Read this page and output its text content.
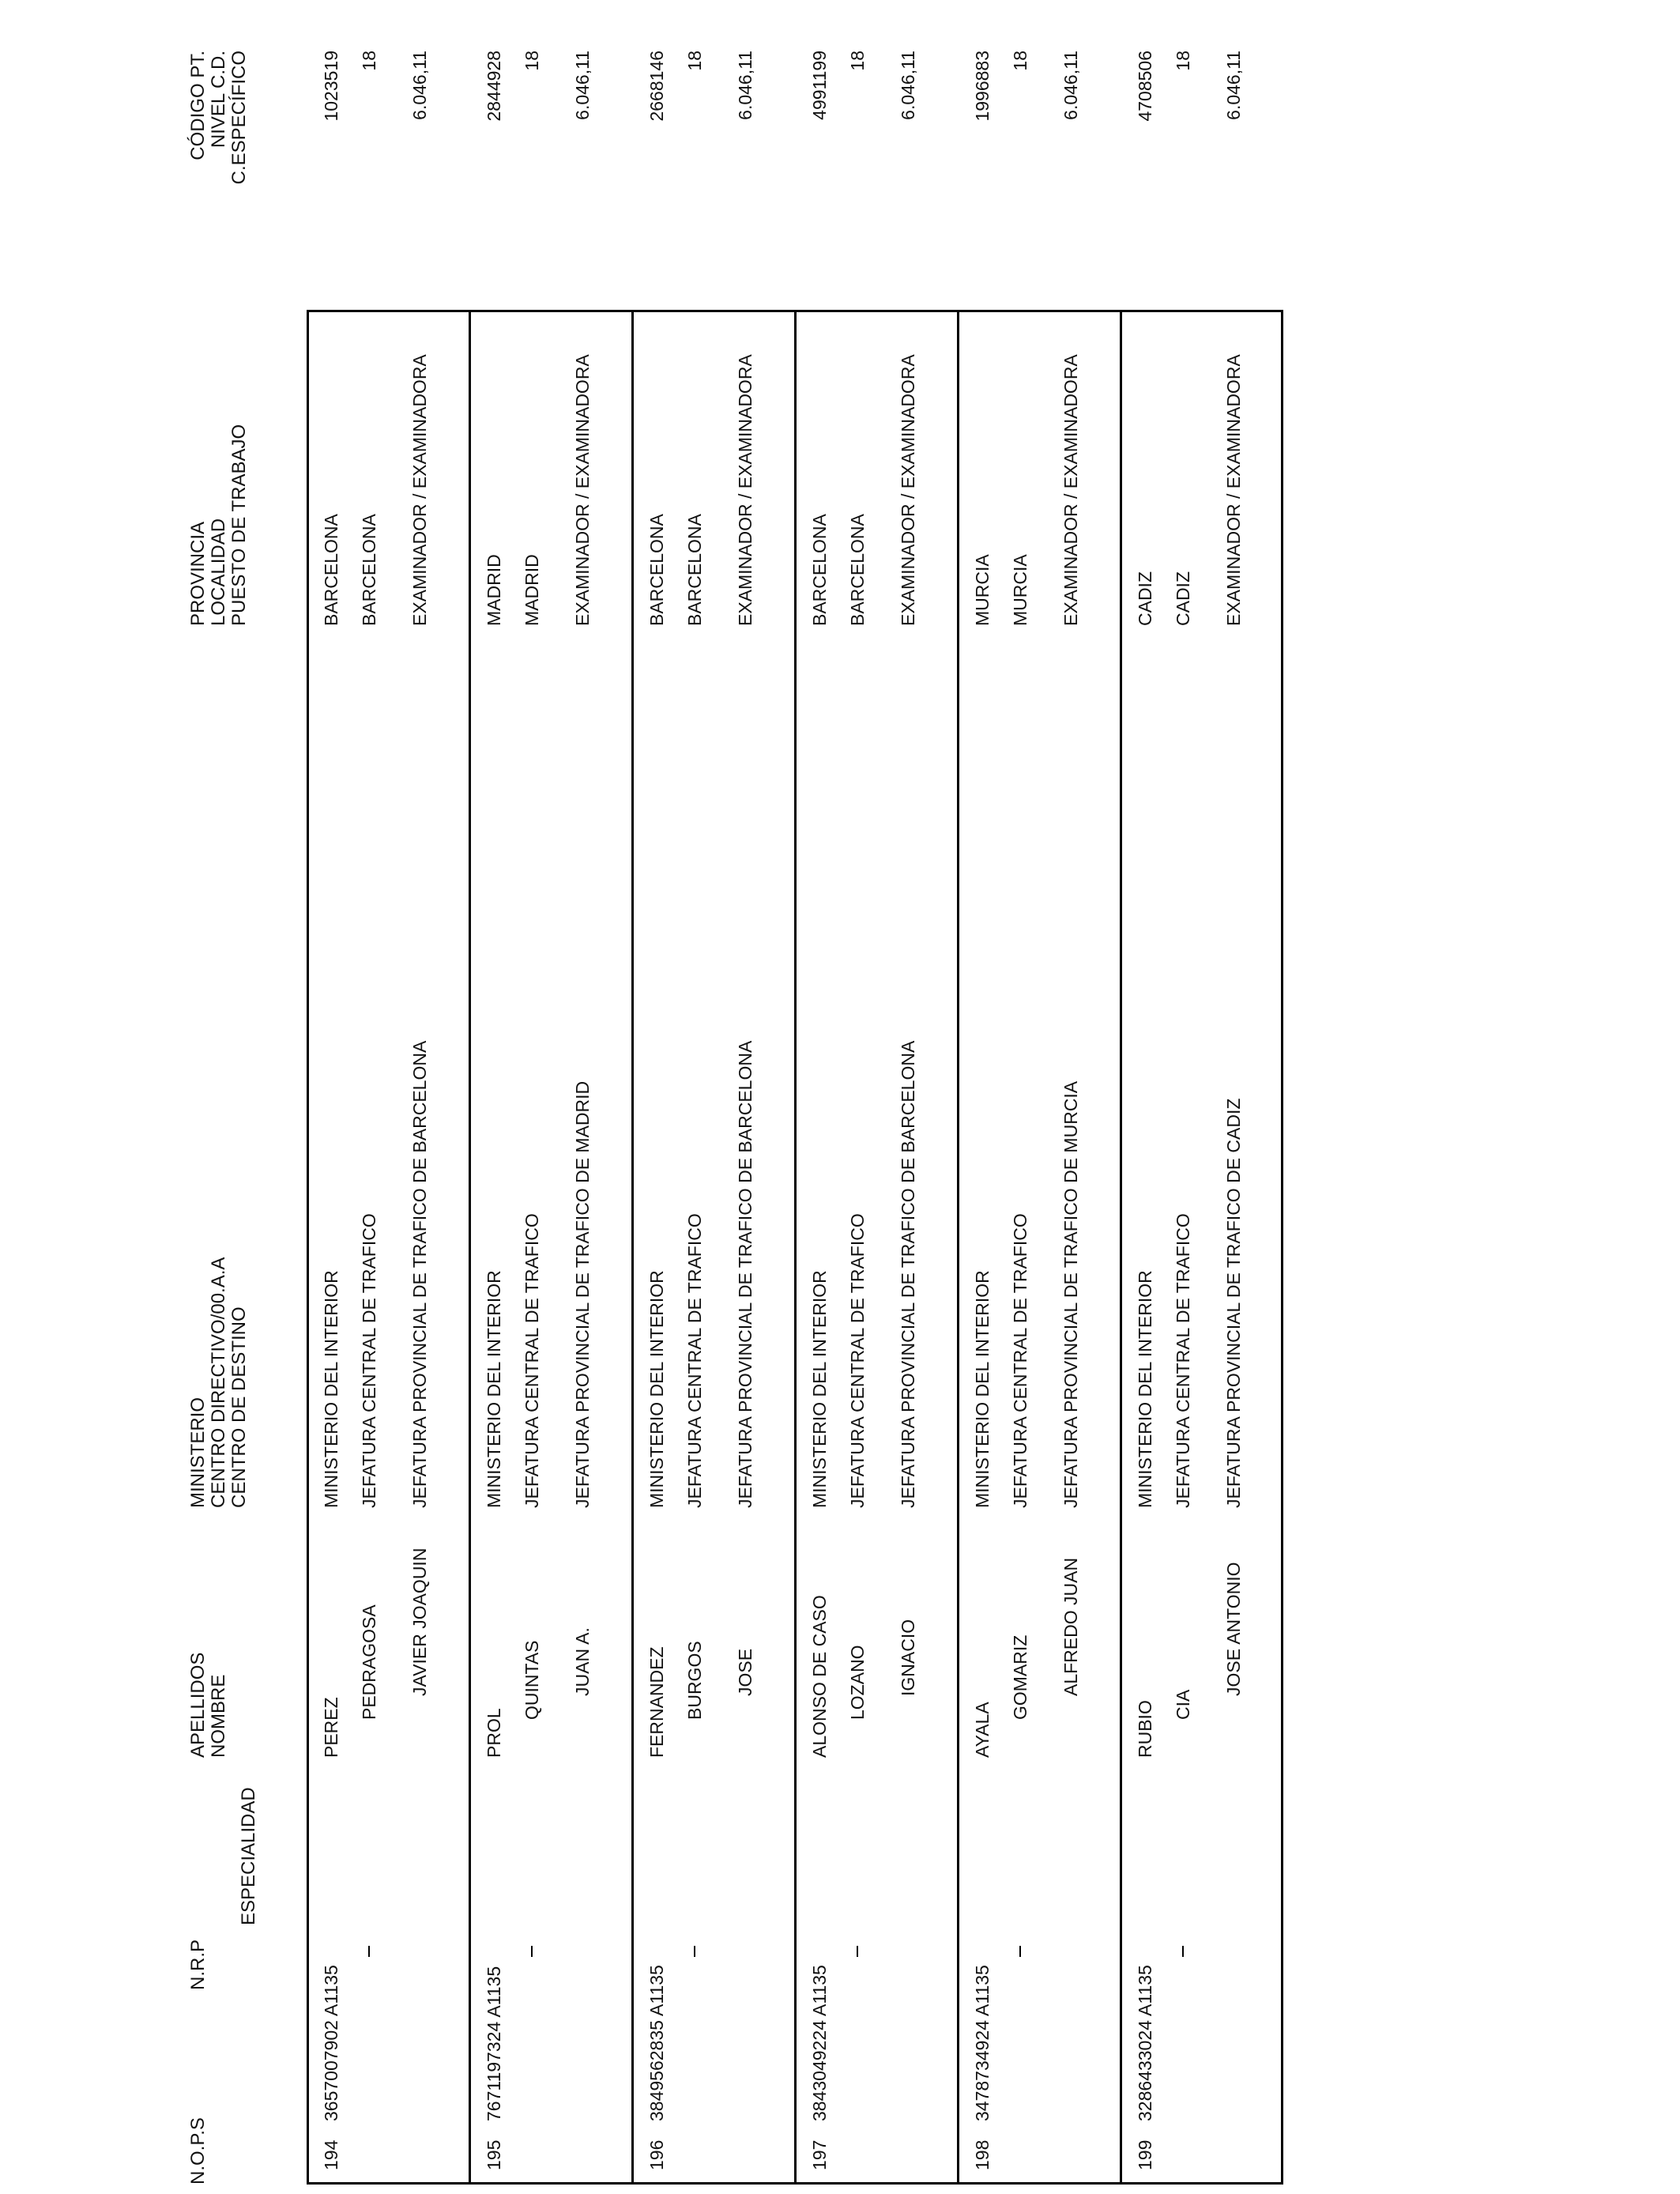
N.O.P.S
N.R.P
ESPECIALIDAD
APELLIDOS NOMBRE
MINISTERIO CENTRO DIRECTIVO/00.A.A CENTRO DE DESTINO
PROVINCIA LOCALIDAD PUESTO DE TRABAJO
CÓDIGO PT. NIVEL C.D. C.ESPECÍFICO
194
3657007902 A1135
PEREZ
PEDRAGOSA JAVIER JOAQUIN
MINISTERIO DEL INTERIOR JEFATURA CENTRAL DE TRAFICO JEFATURA PROVINCIAL DE TRAFICO DE BARCELONA
BARCELONA BARCELONA EXAMINADOR / EXAMINADORA
1023519 18 6.046,11
195
7671197324 A1135
PROL
QUINTAS JUAN A.
MINISTERIO DEL INTERIOR JEFATURA CENTRAL DE TRAFICO JEFATURA PROVINCIAL DE TRAFICO DE MADRID
MADRID MADRID EXAMINADOR / EXAMINADORA
2844928 18 6.046,11
196
3849562835 A1135
FERNANDEZ BURGOS JOSE
MINISTERIO DEL INTERIOR JEFATURA CENTRAL DE TRAFICO JEFATURA PROVINCIAL DE TRAFICO DE BARCELONA
BARCELONA BARCELONA EXAMINADOR / EXAMINADORA
2668146 18 6.046,11
197
3843049224 A1135
ALONSO DE CASO LOZANO IGNACIO
MINISTERIO DEL INTERIOR JEFATURA CENTRAL DE TRAFICO JEFATURA PROVINCIAL DE TRAFICO DE BARCELONA
BARCELONA BARCELONA EXAMINADOR / EXAMINADORA
4991199 18 6.046,11
198
3478734924 A1135
AYALA
GOMARIZ ALFREDO JUAN
MINISTERIO DEL INTERIOR JEFATURA CENTRAL DE TRAFICO JEFATURA PROVINCIAL DE TRAFICO DE MURCIA
MURCIA MURCIA EXAMINADOR / EXAMINADORA
1996883 18 6.046,11
199
3286433024 A1135
RUBIO CIA
JOSE ANTONIO
MINISTERIO DEL INTERIOR JEFATURA CENTRAL DE TRAFICO JEFATURA PROVINCIAL DE TRAFICO DE CADIZ
CADIZ CADIZ EXAMINADOR / EXAMINADORA
4708506 18 6.046,11
